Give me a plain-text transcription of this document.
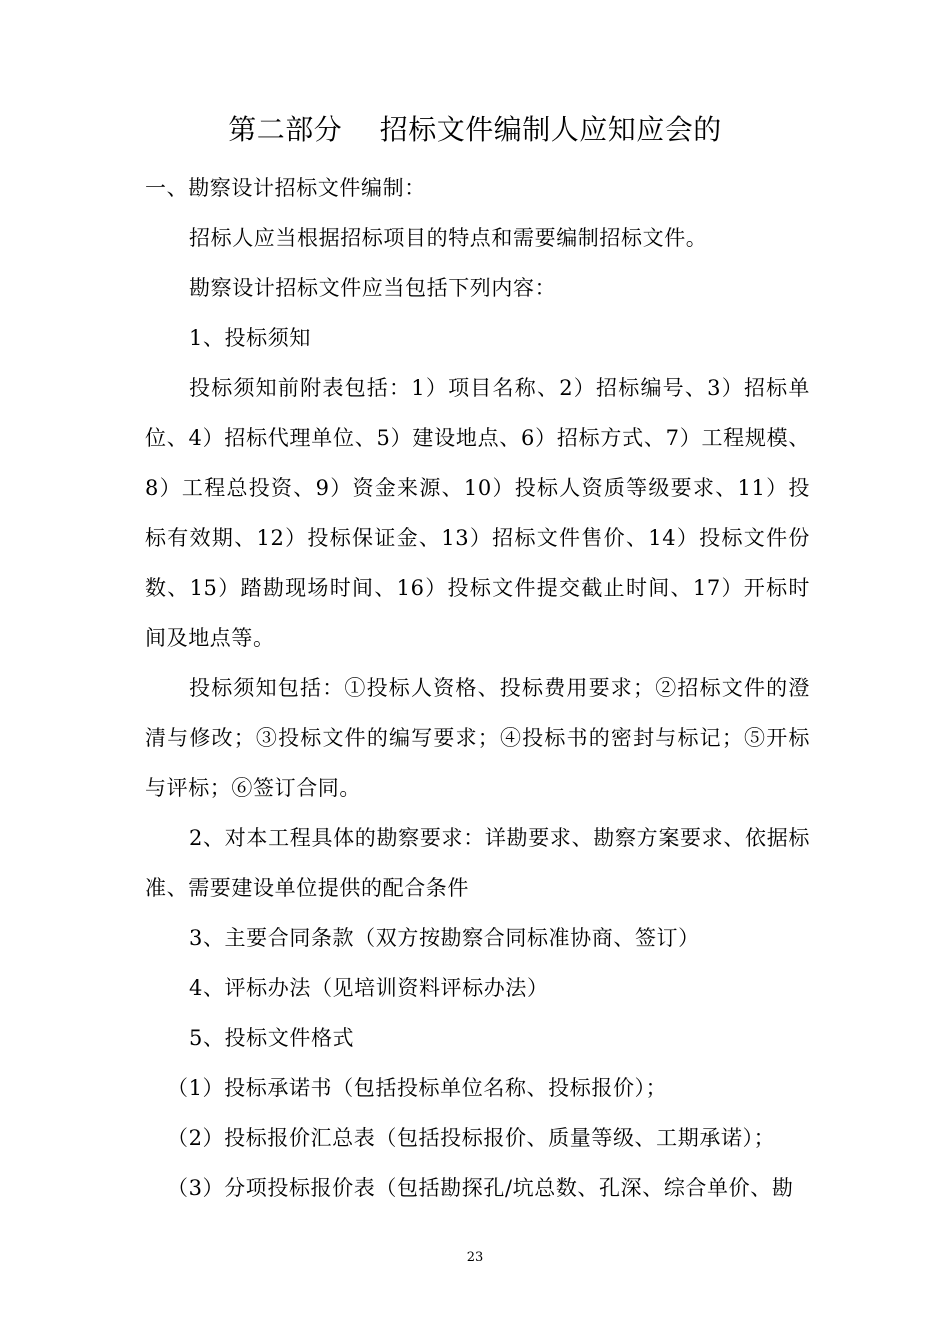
第二部分    招标文件编制人应知应会的

一、勘察设计招标文件编制：

招标人应当根据招标项目的特点和需要编制招标文件。

勘察设计招标文件应当包括下列内容：

1、投标须知

投标须知前附表包括：1）项目名称、2）招标编号、3）招标单位、4）招标代理单位、5）建设地点、6）招标方式、7）工程规模、8）工程总投资、9）资金来源、10）投标人资质等级要求、11）投标有效期、12）投标保证金、13）招标文件售价、14）投标文件份数、15）踏勘现场时间、16）投标文件提交截止时间、17）开标时间及地点等。

投标须知包括：①投标人资格、投标费用要求；②招标文件的澄清与修改；③投标文件的编写要求；④投标书的密封与标记；⑤开标与评标；⑥签订合同。

2、对本工程具体的勘察要求：详勘要求、勘察方案要求、依据标准、需要建设单位提供的配合条件

3、主要合同条款（双方按勘察合同标准协商、签订）

4、评标办法（见培训资料评标办法）

5、投标文件格式

（1）投标承诺书（包括投标单位名称、投标报价）；

（2）投标报价汇总表（包括投标报价、质量等级、工期承诺）；

（3）分项投标报价表（包括勘探孔/坑总数、孔深、综合单价、勘

23
